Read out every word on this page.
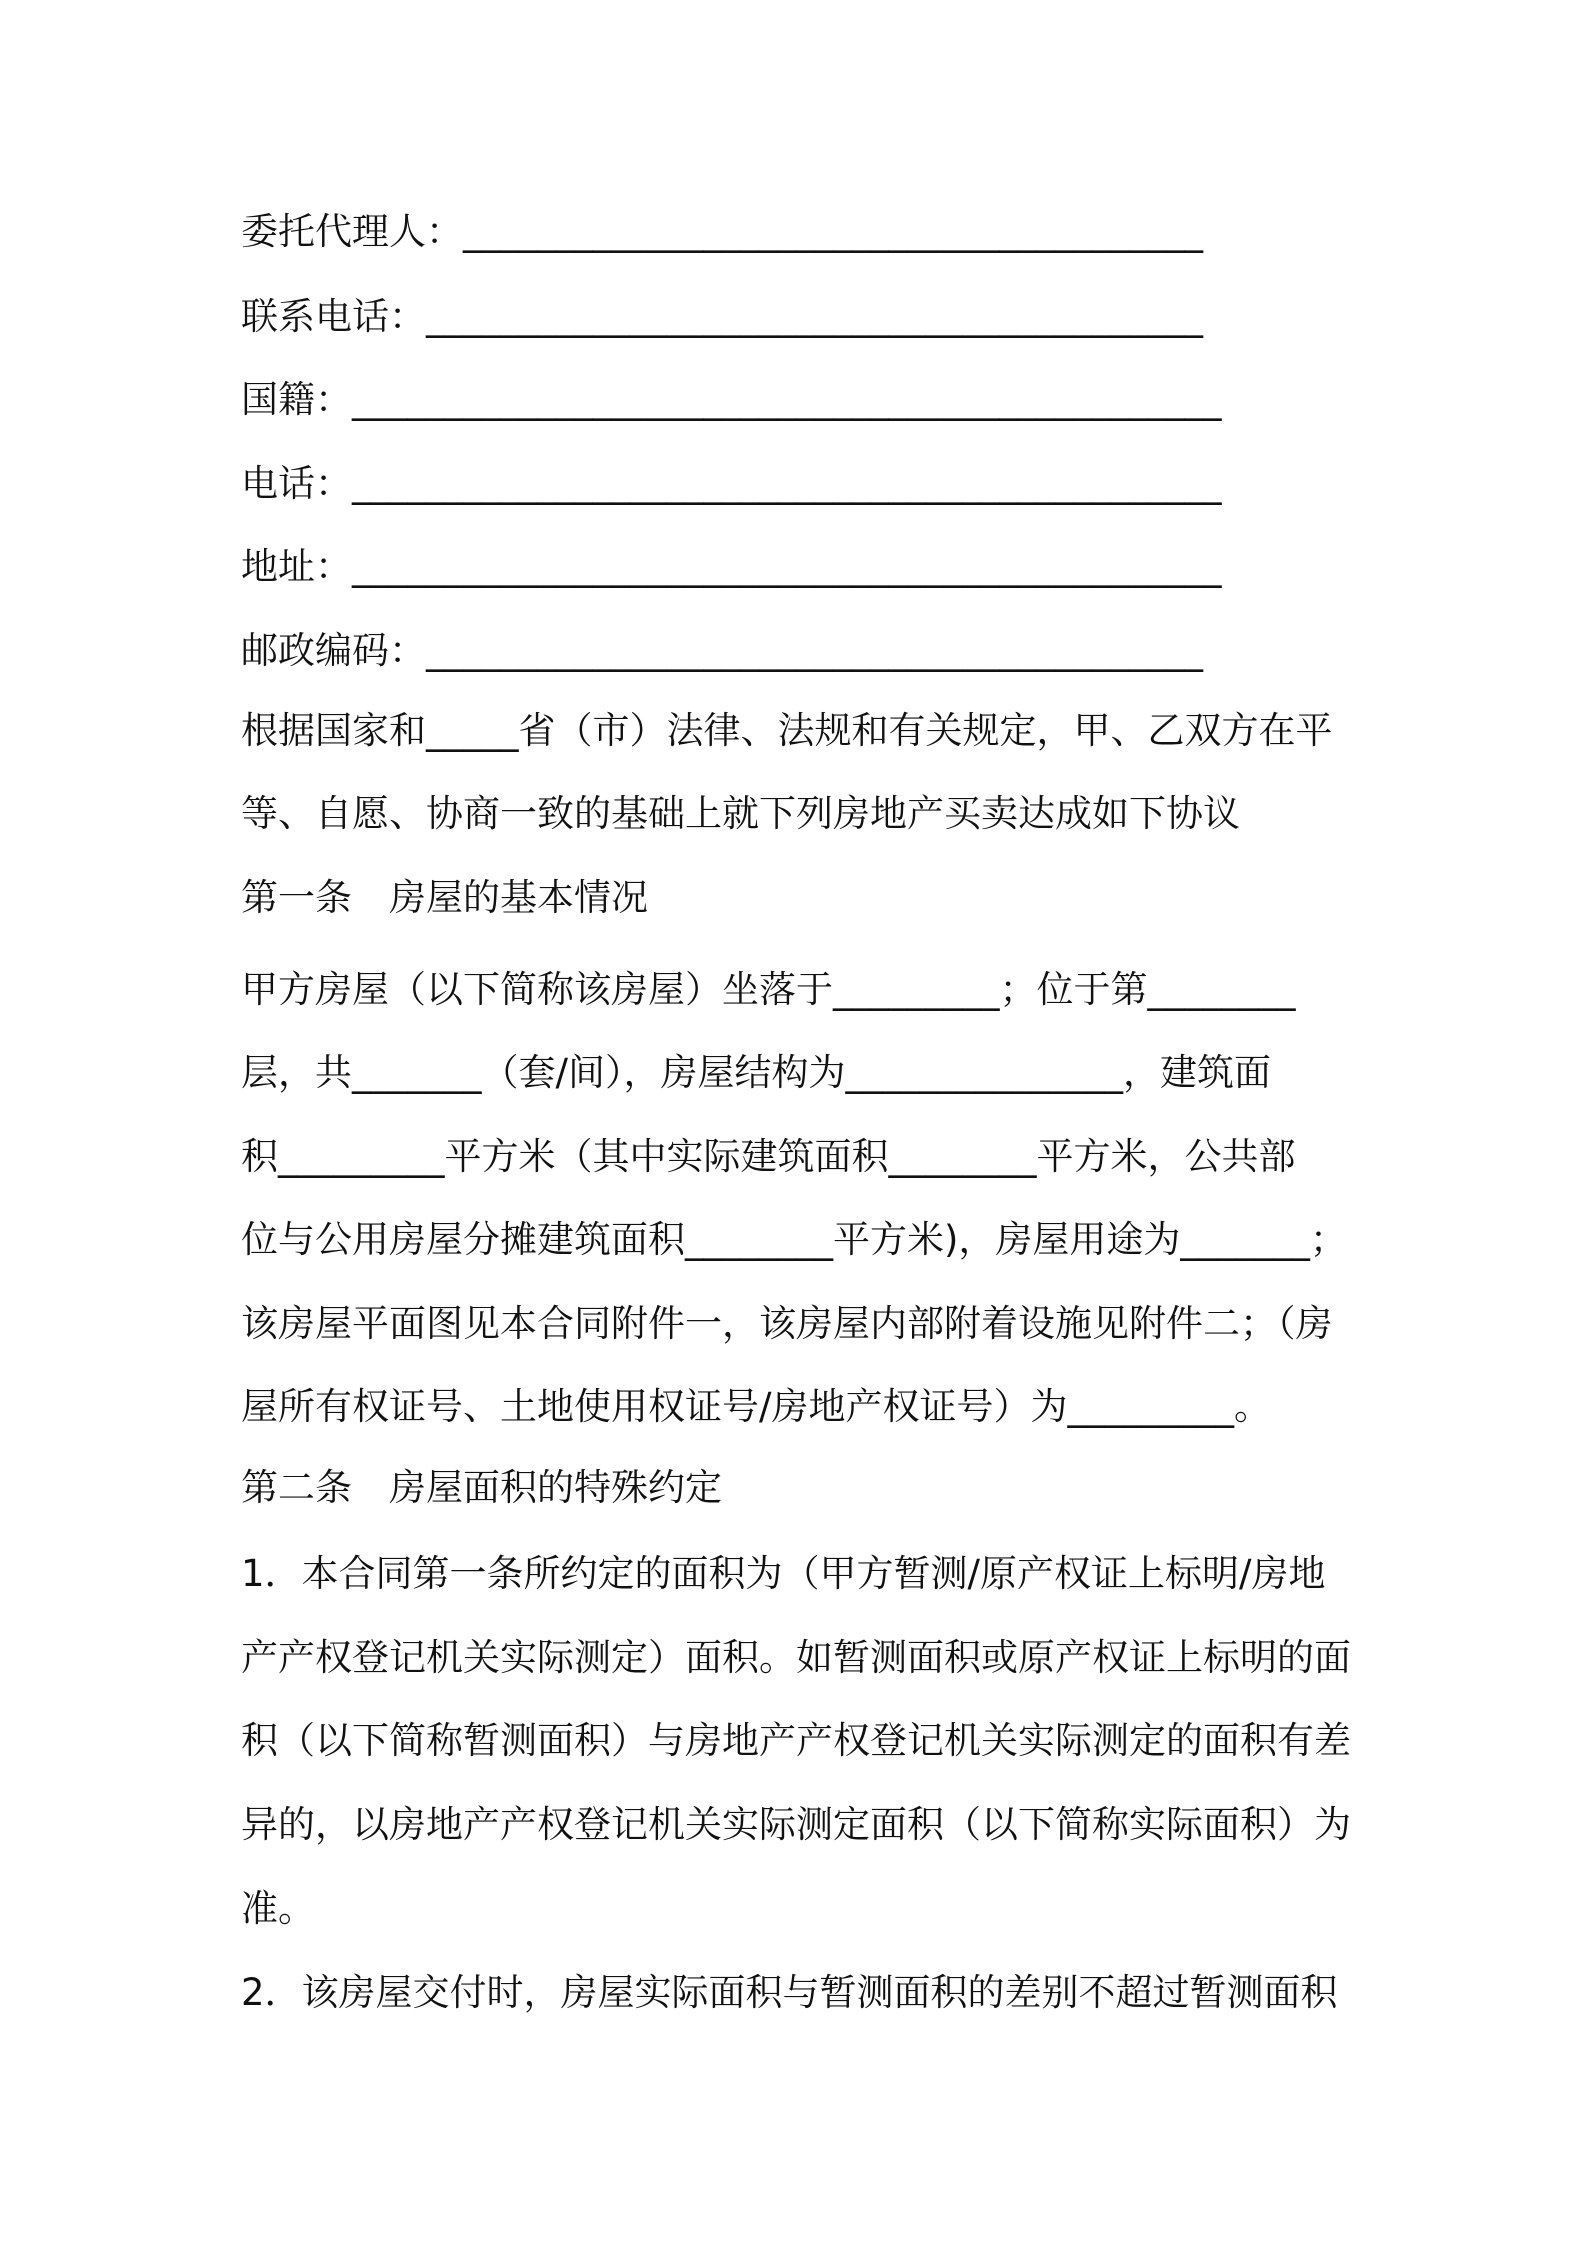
委托代理人：________________________________________
联系电话：__________________________________________
国籍：_______________________________________________
电话：_______________________________________________
地址：_______________________________________________
邮政编码：__________________________________________
根据国家和_____省（市）法律、法规和有关规定，甲、乙双方在平
等、自愿、协商一致的基础上就下列房地产买卖达成如下协议
第一条　房屋的基本情况
甲方房屋（以下简称该房屋）坐落于_________；位于第________
层，共_______（套/间），房屋结构为_______________，建筑面
积_________平方米（其中实际建筑面积________平方米，公共部
位与公用房屋分摊建筑面积________平方米)，房屋用途为_______；
该房屋平面图见本合同附件一，该房屋内部附着设施见附件二；（房
屋所有权证号、土地使用权证号/房地产权证号）为_________。
第二条　房屋面积的特殊约定
1．本合同第一条所约定的面积为（甲方暂测/原产权证上标明/房地
产产权登记机关实际测定）面积。如暂测面积或原产权证上标明的面
积（以下简称暂测面积）与房地产产权登记机关实际测定的面积有差
异的，以房地产产权登记机关实际测定面积（以下简称实际面积）为
准。
2．该房屋交付时，房屋实际面积与暂测面积的差别不超过暂测面积
